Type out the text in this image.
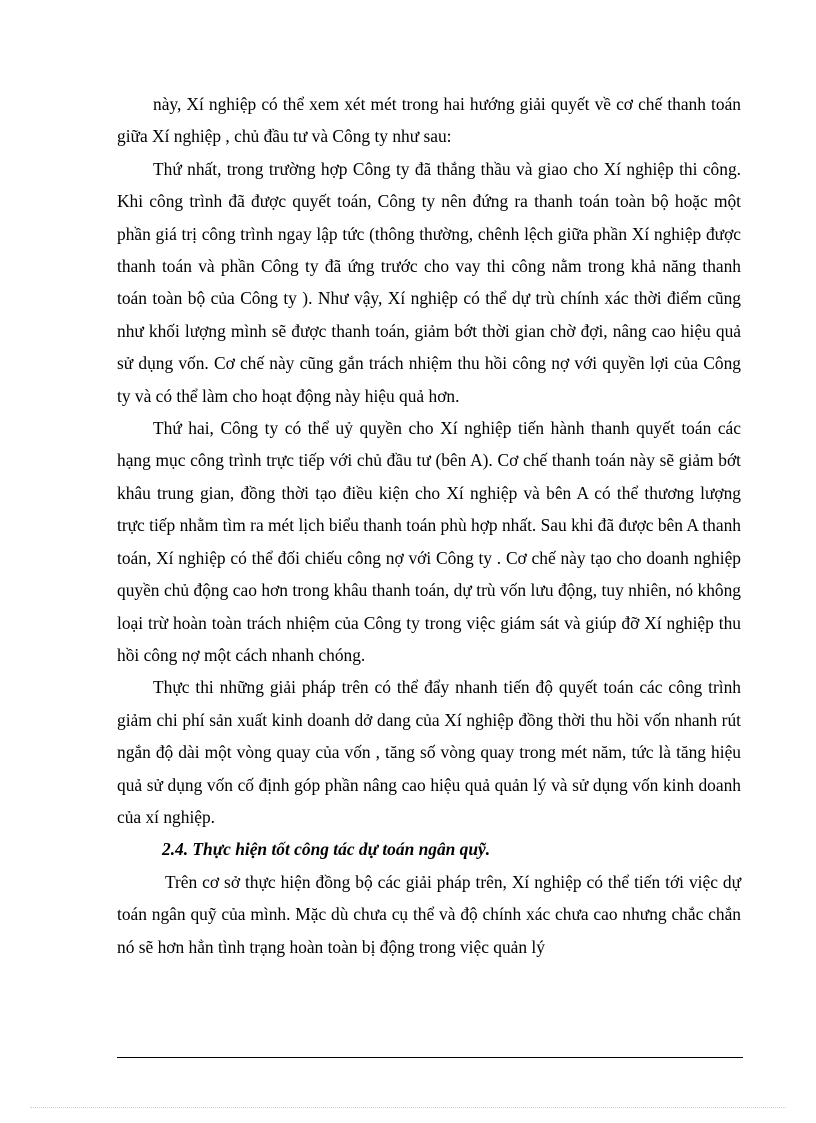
này, Xí nghiệp có thể xem xét mét trong hai hướng giải quyết về cơ chế thanh toán giữa Xí nghiệp , chủ đầu tư và Công ty như sau:

Thứ nhất, trong trường hợp Công ty đã thắng thầu và giao cho Xí nghiệp thi công. Khi công trình đã được quyết toán, Công ty nên đứng ra thanh toán toàn bộ hoặc một phần giá trị công trình ngay lập tức (thông thường, chênh lệch giữa phần Xí nghiệp được thanh toán và phần Công ty đã ứng trước cho vay thi công nằm trong khả năng thanh toán toàn bộ của Công ty ). Như vậy, Xí nghiệp có thể dự trù chính xác thời điểm cũng như khối lượng mình sẽ được thanh toán, giảm bớt thời gian chờ đợi, nâng cao hiệu quả sử dụng vốn. Cơ chế này cũng gắn trách nhiệm thu hồi công nợ với quyền lợi của Công ty và có thể làm cho hoạt động này hiệu quả hơn.

Thứ hai, Công ty có thể uỷ quyền cho Xí nghiệp tiến hành thanh quyết toán các hạng mục công trình trực tiếp với chủ đầu tư (bên A). Cơ chế thanh toán này sẽ giảm bớt khâu trung gian, đồng thời tạo điều kiện cho Xí nghiệp và bên A có thể thương lượng trực tiếp nhằm tìm ra mét lịch biểu thanh toán phù hợp nhất. Sau khi đã được bên A thanh toán, Xí nghiệp có thể đối chiếu công nợ với Công ty . Cơ chế này tạo cho doanh nghiệp quyền chủ động cao hơn trong khâu thanh toán, dự trù vốn lưu động, tuy nhiên, nó không loại trừ hoàn toàn trách nhiệm của Công ty trong việc giám sát và giúp đỡ Xí nghiệp thu hồi công nợ một cách nhanh chóng.

Thực thi những giải pháp trên có thể đẩy nhanh tiến độ quyết toán các công trình giảm chi phí sản xuất kinh doanh dở dang của Xí nghiệp đồng thời thu hồi vốn nhanh rút ngắn độ dài một vòng quay của vốn , tăng số vòng quay trong mét năm, tức là tăng hiệu quả sử dụng vốn cố định góp phần nâng cao hiệu quả quản lý và sử dụng vốn kinh doanh của xí nghiệp.

2.4. Thực hiện tốt công tác dự toán ngân quỹ.

Trên cơ sở thực hiện đồng bộ các giải pháp trên, Xí nghiệp có thể tiến tới việc dự toán ngân quỹ của mình. Mặc dù chưa cụ thể và độ chính xác chưa cao nhưng chắc chắn nó sẽ hơn hẳn tình trạng hoàn toàn bị động trong việc quản lý
